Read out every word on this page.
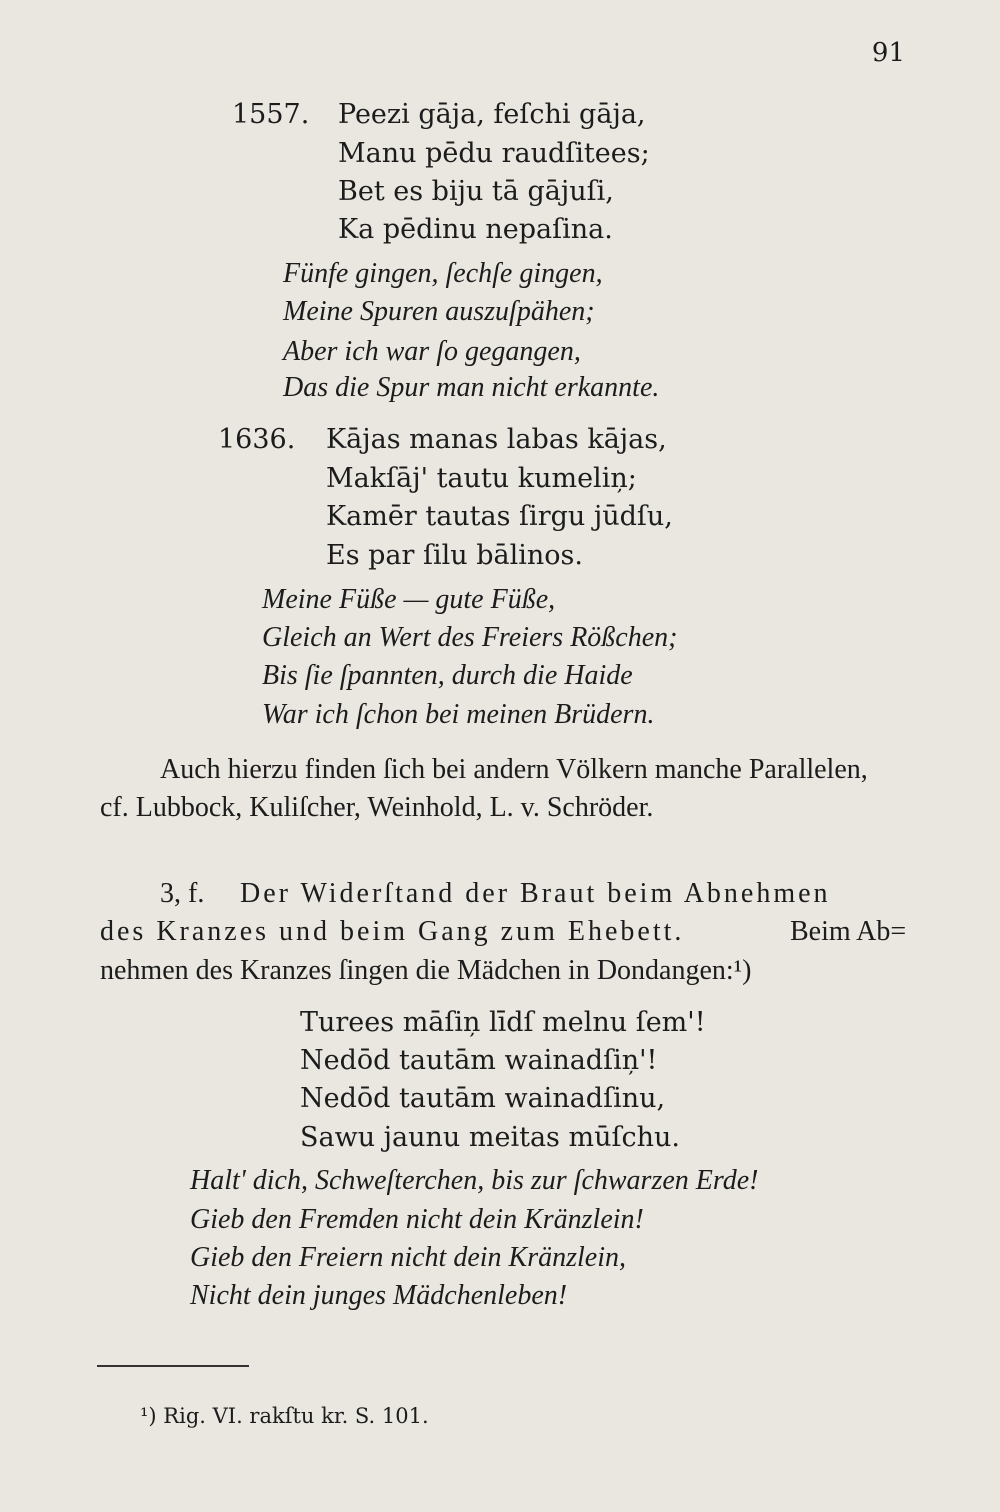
91
1557. Peezi gāja, feſchi gāja,
Manu pēdu raudſitees;
Bet es biju tā gājuſi,
Ka pēdinu nepaſina.
Fünfe gingen, ſechſe gingen,
Meine Spuren auszuſpähen;
Aber ich war ſo gegangen,
Das die Spur man nicht erkannte.
1636. Kājas manas labas kājas,
Makſāj' tautu kumeliņ;
Kamēr tautas ſirgu jūdſu,
Es par ſilu bālinos.
Meine Füße — gute Füße,
Gleich an Wert des Freiers Rößchen;
Bis ſie ſpannten, durch die Haide
War ich ſchon bei meinen Brüdern.
Auch hierzu finden ſich bei andern Völkern manche Parallelen,
cf. Lubbock, Kuliſcher, Weinhold, L. v. Schröder.
3, f. Der Widerſtand der Braut beim Abnehmen
des Kranzes und beim Gang zum Ehebett.	Beim Ab=
nehmen des Kranzes ſingen die Mädchen in Dondangen:¹)
Turees māſiņ līdſ melnu ſem'!
Nedōd tautām wainadſiņ'!
Nedōd tautām wainadſinu,
Sawu jaunu meitas mūſchu.
Halt' dich, Schweſterchen, bis zur ſchwarzen Erde!
Gieb den Fremden nicht dein Kränzlein!
Gieb den Freiern nicht dein Kränzlein,
Nicht dein junges Mädchenleben!
¹) Rig. VI. rakſtu kr. S. 101.
